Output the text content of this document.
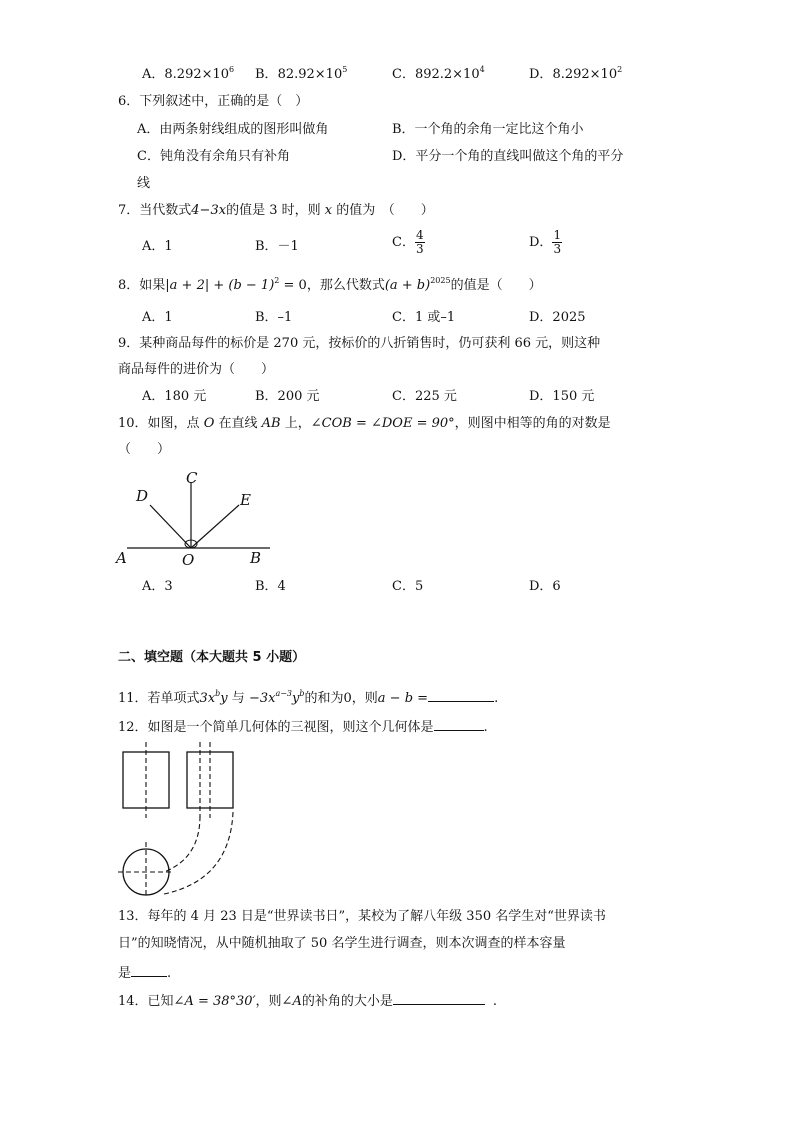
A．$8.292\times 10^6$ B．$82.92\times 10^5$	C．$892.2\times 10^4$	D．$8.292\times 10^2$
6．下列叙述中，正确的是（　）
A．由两条射线组成的图形叫做角	B．一个角的余角一定比这个角小
C．钝角没有余角只有补角	D．平分一个角的直线叫做这个角的平分
线
7．当代数式4−3x的值是 3 时，则 x 的值为　（　　）
A．1	B．－1	C． $\frac{4}{3}$	D． $\frac{1}{3}$
8．如果$|a + 2| + (b - 1)^2 = 0$，那么代数式$(a + b)^{2025}$的值是（　　）
A．1	B．–1	C．1 或–1	D．2025
9．某种商品每件的标价是 270 元，按标价的八折销售时，仍可获利 66 元，则这种
商品每件的进价为（　　）
A．180 元	B．200 元	C．225 元	D．150 元
10．如图，点 O 在直线 AB 上，∠COB = ∠DOE = 90°，则图中相等的角的对数是
（　　）
A	B
C
D	E
O
A．3	B．4	C．5	D．6
二、填空题（本大题共 5 小题）
11．若单项式$3x^by$ 与 $-3x^{a-3}y^b$的和为0，则a − b =	.
12．如图是一个简单几何体的三视图，则这个几何体是	.
13．每年的 4 月 23 日是“世界读书日”，某校为了解八年级 350 名学生对“世界读书
日”的知晓情况，从中随机抽取了 50 名学生进行调查，则本次调查的样本容量
是	.
14．已知∠A = 38°30′，则∠A的补角的大小是	.
